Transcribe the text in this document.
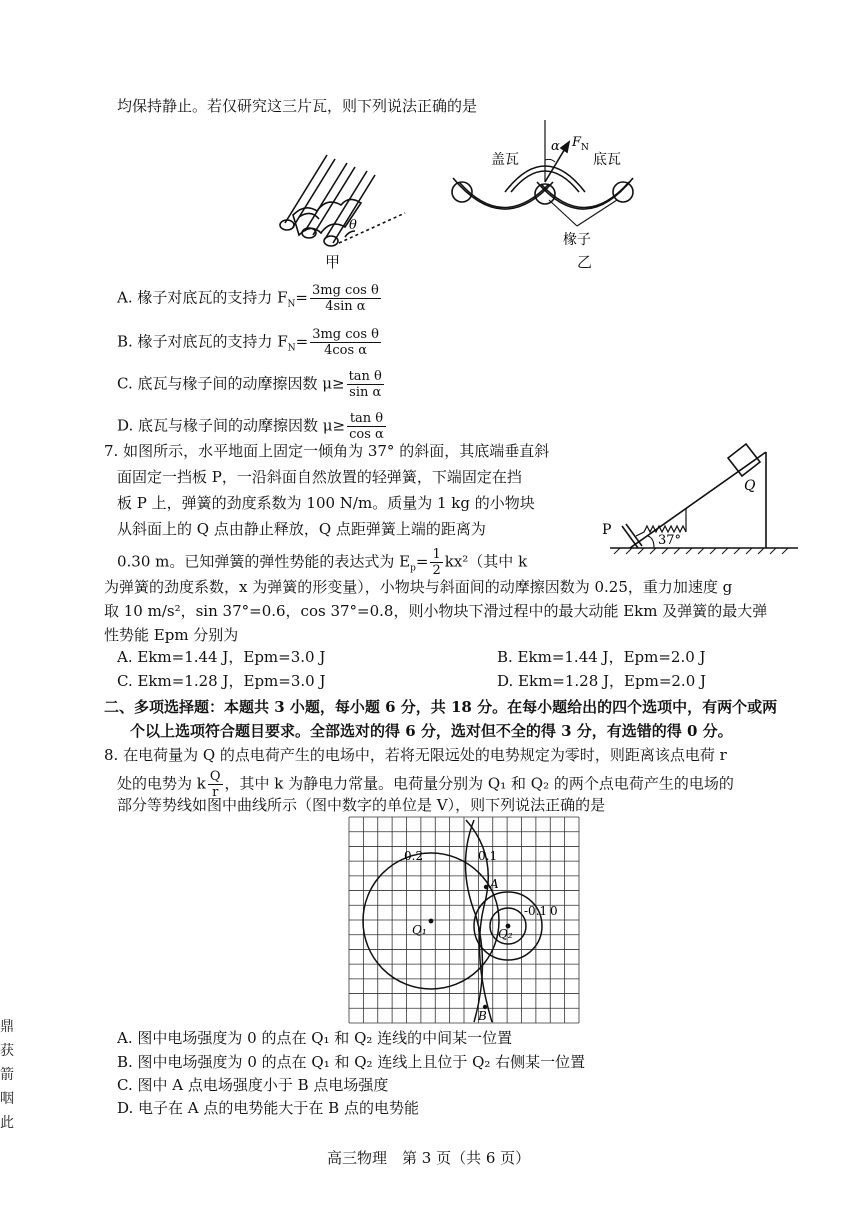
均保持静止。若仅研究这三片瓦，则下列说法正确的是
θ
甲
α F N
盖瓦	底瓦
椽子
乙
A. 椽子对底瓦的支持力 $F_N= \frac{\text{3mg cos θ}}{\text{4sin α}}$
B. 椽子对底瓦的支持力 $F_N= \frac{\text{3mg cos θ}}{\text{4cos α}}$
C. 底瓦与椽子间的动摩擦因数 $\mu\ge \frac{\text{tan θ}}{\text{sin α}}$
D. 底瓦与椽子间的动摩擦因数 $\mu\ge \frac{\text{tan θ}}{\text{cos α}}$
7. 如图所示，水平地面上固定一倾角为 37° 的斜面，其底端垂直斜
面固定一挡板 P，一沿斜面自然放置的轻弹簧，下端固定在挡
板 P 上，弹簧的劲度系数为 100 N/m。质量为 1 kg 的小物块
从斜面上的 Q 点由静止释放，Q 点距弹簧上端的距离为
0.30 m。已知弹簧的弹性势能的表达式为 $E_p= \frac{1}{2} kx^2$（其中 k
为弹簧的劲度系数，x 为弹簧的形变量），小物块与斜面间的动摩擦因数为 0.25，重力加速度 g
取 10 m/s²，sin 37°=0.6，cos 37°=0.8，则小物块下滑过程中的最大动能 Ekm 及弹簧的最大弹
性势能 Epm 分别为
P
Q
37°
A. Ekm=1.44 J，Epm=3.0 J	B. Ekm=1.44 J，Epm=2.0 J
C. Ekm=1.28 J，Epm=3.0 J	D. Ekm=1.28 J，Epm=2.0 J
二、多项选择题：本题共 3 小题，每小题 6 分，共 18 分。在每小题给出的四个选项中，有两个或两
个以上选项符合题目要求。全部选对的得 6 分，选对但不全的得 3 分，有选错的得 0 分。
8. 在电荷量为 Q 的点电荷产生的电场中，若将无限远处的电势规定为零时，则距离该点电荷 r
处的电势为 k $\frac{Q}{r}$ ，其中 k 为静电力常量。电荷量分别为 Q₁ 和 Q₂ 的两个点电荷产生的电场的
部分等势线如图中曲线所示（图中数字的单位是 V），则下列说法正确的是
0.2	0.1
-0.1 0
Q₁	Q₂
A
B
A. 图中电场强度为 0 的点在 Q₁ 和 Q₂ 连线的中间某一位置
B. 图中电场强度为 0 的点在 Q₁ 和 Q₂ 连线上且位于 Q₂ 右侧某一位置
C. 图中 A 点电场强度小于 B 点电场强度
D. 电子在 A 点的电势能大于在 B 点的电势能
鼎
获
箭
咽
此
高三物理　第 3 页（共 6 页）
